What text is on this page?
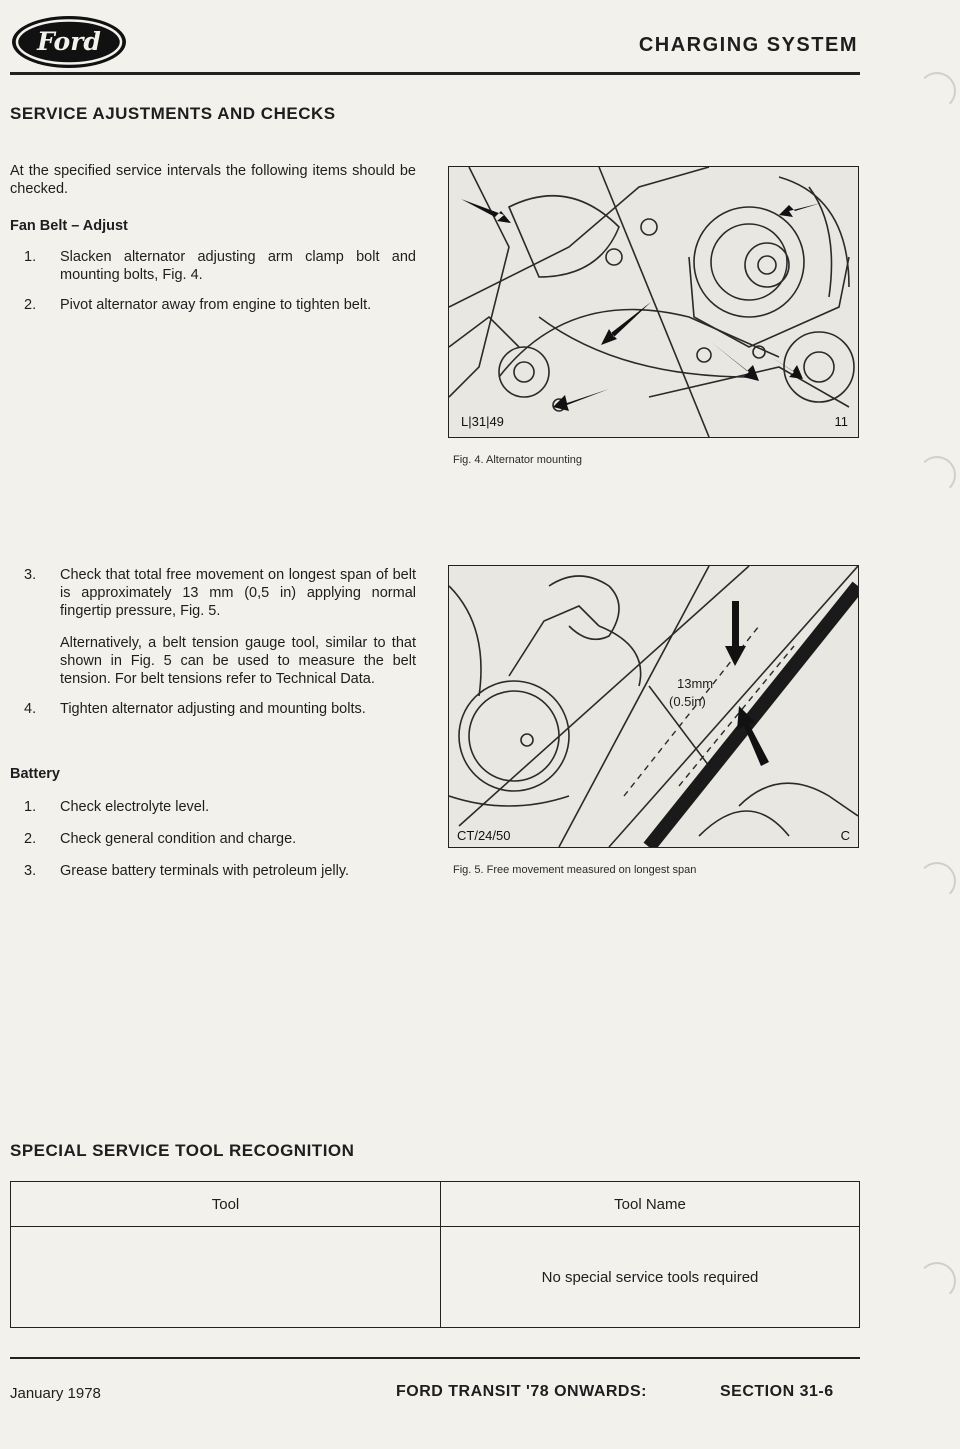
Ford	CHARGING SYSTEM
SERVICE AJUSTMENTS AND CHECKS
At the specified service intervals the following items should be checked.
Fan Belt – Adjust
1.	Slacken alternator adjusting arm clamp bolt and mounting bolts, Fig. 4.
2.	Pivot alternator away from engine to tighten belt.
3.	Check that total free movement on longest span of belt is approximately 13 mm (0,5 in) applying normal fingertip pressure, Fig. 5.
Alternatively, a belt tension gauge tool, similar to that shown in Fig. 5 can be used to measure the belt tension. For belt tensions refer to Technical Data.
4.	Tighten alternator adjusting and mounting bolts.
Battery
1.	Check electrolyte level.
2.	Check general condition and charge.
3.	Grease battery terminals with petroleum jelly.
L|31|49	11
Fig. 4. Alternator mounting
13mm
(0.5in)
CT/24/50	C
Fig. 5. Free movement measured on longest span
SPECIAL SERVICE TOOL RECOGNITION
Tool	Tool Name
	No special service tools required
January 1978	FORD TRANSIT '78 ONWARDS:	SECTION 31-6
